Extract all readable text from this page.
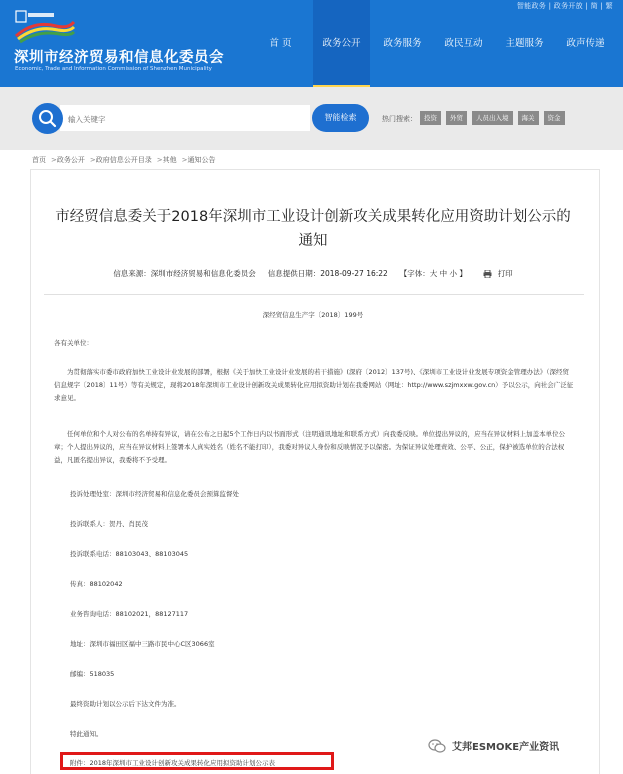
智能政务 | 政务开放 | 简 | 繁
深圳市经济贸易和信息化委员会
Economic, Trade and Information Commission of Shenzhen Municipality
首 页	政务公开	政务服务	政民互动	主题服务	政声传递
输入关键字
智能检索	热门搜索：	投资	外贸	人员出入境	海关	资金
首页 >政务公开 >政府信息公开目录 >其他 >通知公告
市经贸信息委关于2018年深圳市工业设计创新攻关成果转化应用资助计划公示的
通知
信息来源：深圳市经济贸易和信息化委员会 信息提供日期：2018-09-27 16:22 【字体：大 中 小 】	打印
深经贸信息生产字〔2018〕199号
各有关单位：
为贯彻落实市委市政府加快工业设计业发展的部署，根据《关于加快工业设计业发展的若干措施》(深府〔2012〕137号)、《深圳市工业设计业发展专项资金管理办法》（深经贸信息规字〔2018〕11号）等有关规定，现将2018年深圳市工业设计创新攻关成果转化应用拟资助计划在我委网站（网址：http://www.szjmxxw.gov.cn）予以公示，向社会广泛征求意见。
任何单位和个人对公布的名单持有异议，请在公布之日起5个工作日内以书面形式（注明通讯地址和联系方式）向我委反映。单位提出异议的，应当在异议材料上加盖本单位公章；个人提出异议的，应当在异议材料上签署本人真实姓名（姓名不能打印），我委对异议人身份和反映情况予以保密。为保证异议处理责效、公平、公正，保护被选单位的合法权益，凡匿名提出异议，我委将不予受理。
投诉处理处室：深圳市经济贸易和信息化委员会预算监督处
投诉联系人：贺丹、肖民茂
投诉联系电话：88103043、88103045
传真：88102042
业务咨询电话：88102021，88127117
地址：深圳市福田区福中三路市民中心C区3066室
邮编：518035
最终资助计划以公示后下达文件为准。
特此通知。
附件：2018年深圳市工业设计创新攻关成果转化应用拟资助计划公示表
艾邦ESMOKE产业资讯
